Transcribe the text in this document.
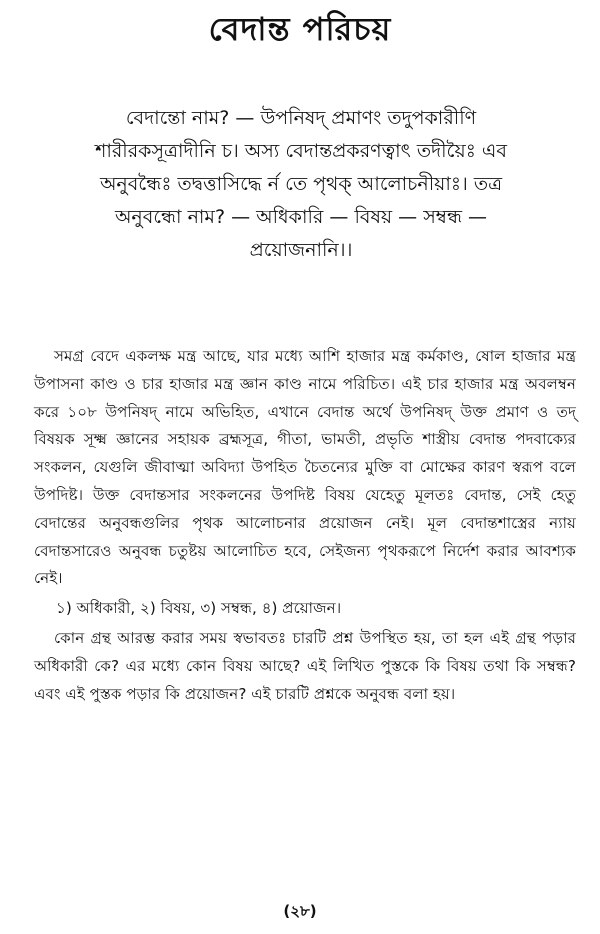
বেদান্ত পরিচয়
বেদান্তো নাম? — উপনিষদ্ প্রমাণং তদুপকারীণি
শারীরকসূত্রাদীনি চ। অস্য বেদান্তপ্রকরণত্বাৎ তদীয়ৈঃ এব
অনুবন্ধৈঃ তদ্বত্তাসিদ্ধে র্ন তে পৃথক্ আলোচনীয়াঃ। তত্র
অনুবন্ধো নাম? — অধিকারি — বিষয় — সম্বন্ধ —
প্রয়োজনানি।।

সমগ্র বেদে একলক্ষ মন্ত্র আছে, যার মধ্যে আশি হাজার মন্ত্র কর্মকাণ্ড, ষোল হাজার মন্ত্র উপাসনা কাণ্ড ও চার হাজার মন্ত্র জ্ঞান কাণ্ড নামে পরিচিত। এই চার হাজার মন্ত্র অবলম্বন করে ১০৮ উপনিষদ্ নামে অভিহিত, এখানে বেদান্ত অর্থে উপনিষদ্ উক্ত প্রমাণ ও তদ্ বিষয়ক সূক্ষ্ম জ্ঞানের সহায়ক ব্রহ্মসূত্র, গীতা, ভামতী, প্রভৃতি শাস্ত্রীয় বেদান্ত পদবাক্যের সংকলন, যেগুলি জীবাত্মা অবিদ্যা উপহিত চৈতন্যের মুক্তি বা মোক্ষের কারণ স্বরূপ বলে উপদিষ্ট। উক্ত বেদান্তসার সংকলনের উপদিষ্ট বিষয় যেহেতু মূলতঃ বেদান্ত, সেই হেতু বেদান্তের অনুবন্ধগুলির পৃথক আলোচনার প্রয়োজন নেই। মূল বেদান্তশাস্ত্রের ন্যায় বেদান্তসারেও অনুবন্ধ চতুষ্টয় আলোচিত হবে, সেইজন্য পৃথকরূপে নির্দেশ করার আবশ্যক নেই।

১) অধিকারী, ২) বিষয়, ৩) সম্বন্ধ, ৪) প্রয়োজন।

কোন গ্রন্থ আরম্ভ করার সময় স্বভাবতঃ চারটি প্রশ্ন উপস্থিত হয়, তা হল এই গ্রন্থ পড়ার অধিকারী কে? এর মধ্যে কোন বিষয় আছে? এই লিখিত পুস্তকে কি বিষয় তথা কি সম্বন্ধ? এবং এই পুস্তক পড়ার কি প্রয়োজন? এই চারটি প্রশ্নকে অনুবন্ধ বলা হয়।

(২৮)
